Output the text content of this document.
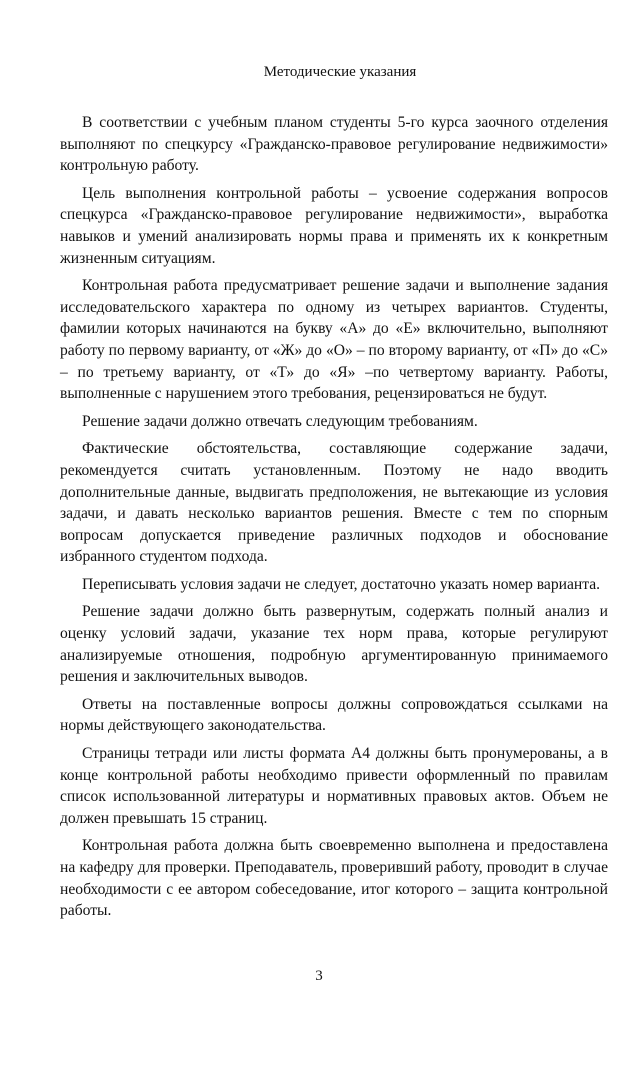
Методические указания

В соответствии с учебным планом студенты 5-го курса заочного отделения выполняют по спецкурсу «Гражданско-правовое регулирование недвижимости» контрольную работу.

Цель выполнения контрольной работы – усвоение содержания вопросов спецкурса «Гражданско-правовое регулирование недвижимости», выработка навыков и умений анализировать нормы права и применять их к конкретным жизненным ситуациям.

Контрольная работа предусматривает решение задачи и выполнение задания исследовательского характера по одному из четырех вариантов. Студенты, фамилии которых начинаются на букву «А» до «Е» включительно, выполняют работу по первому варианту, от «Ж» до «О» – по второму варианту, от «П» до «С» – по третьему варианту, от «Т» до «Я» –по четвертому варианту. Работы, выполненные с нарушением этого требования, рецензироваться не будут.

Решение задачи должно отвечать следующим требованиям.

Фактические обстоятельства, составляющие содержание задачи, рекомендуется считать установленным. Поэтому не надо вводить дополнительные данные, выдвигать предположения, не вытекающие из условия задачи, и давать несколько вариантов решения. Вместе с тем по спорным вопросам допускается приведение различных подходов и обоснование избранного студентом подхода.

Переписывать условия задачи не следует, достаточно указать номер варианта.

Решение задачи должно быть развернутым, содержать полный анализ и оценку условий задачи, указание тех норм права, которые регулируют анализируемые отношения, подробную аргументированную принимаемого решения и заключительных выводов.

Ответы на поставленные вопросы должны сопровождаться ссылками на нормы действующего законодательства.

Страницы тетради или листы формата А4 должны быть пронумерованы, а в конце контрольной работы необходимо привести оформленный по правилам список использованной литературы и нормативных правовых актов. Объем не должен превышать 15 страниц.

Контрольная работа должна быть своевременно выполнена и предоставлена на кафедру для проверки. Преподаватель, проверивший работу, проводит в случае необходимости с ее автором собеседование, итог которого – защита контрольной работы.

3
